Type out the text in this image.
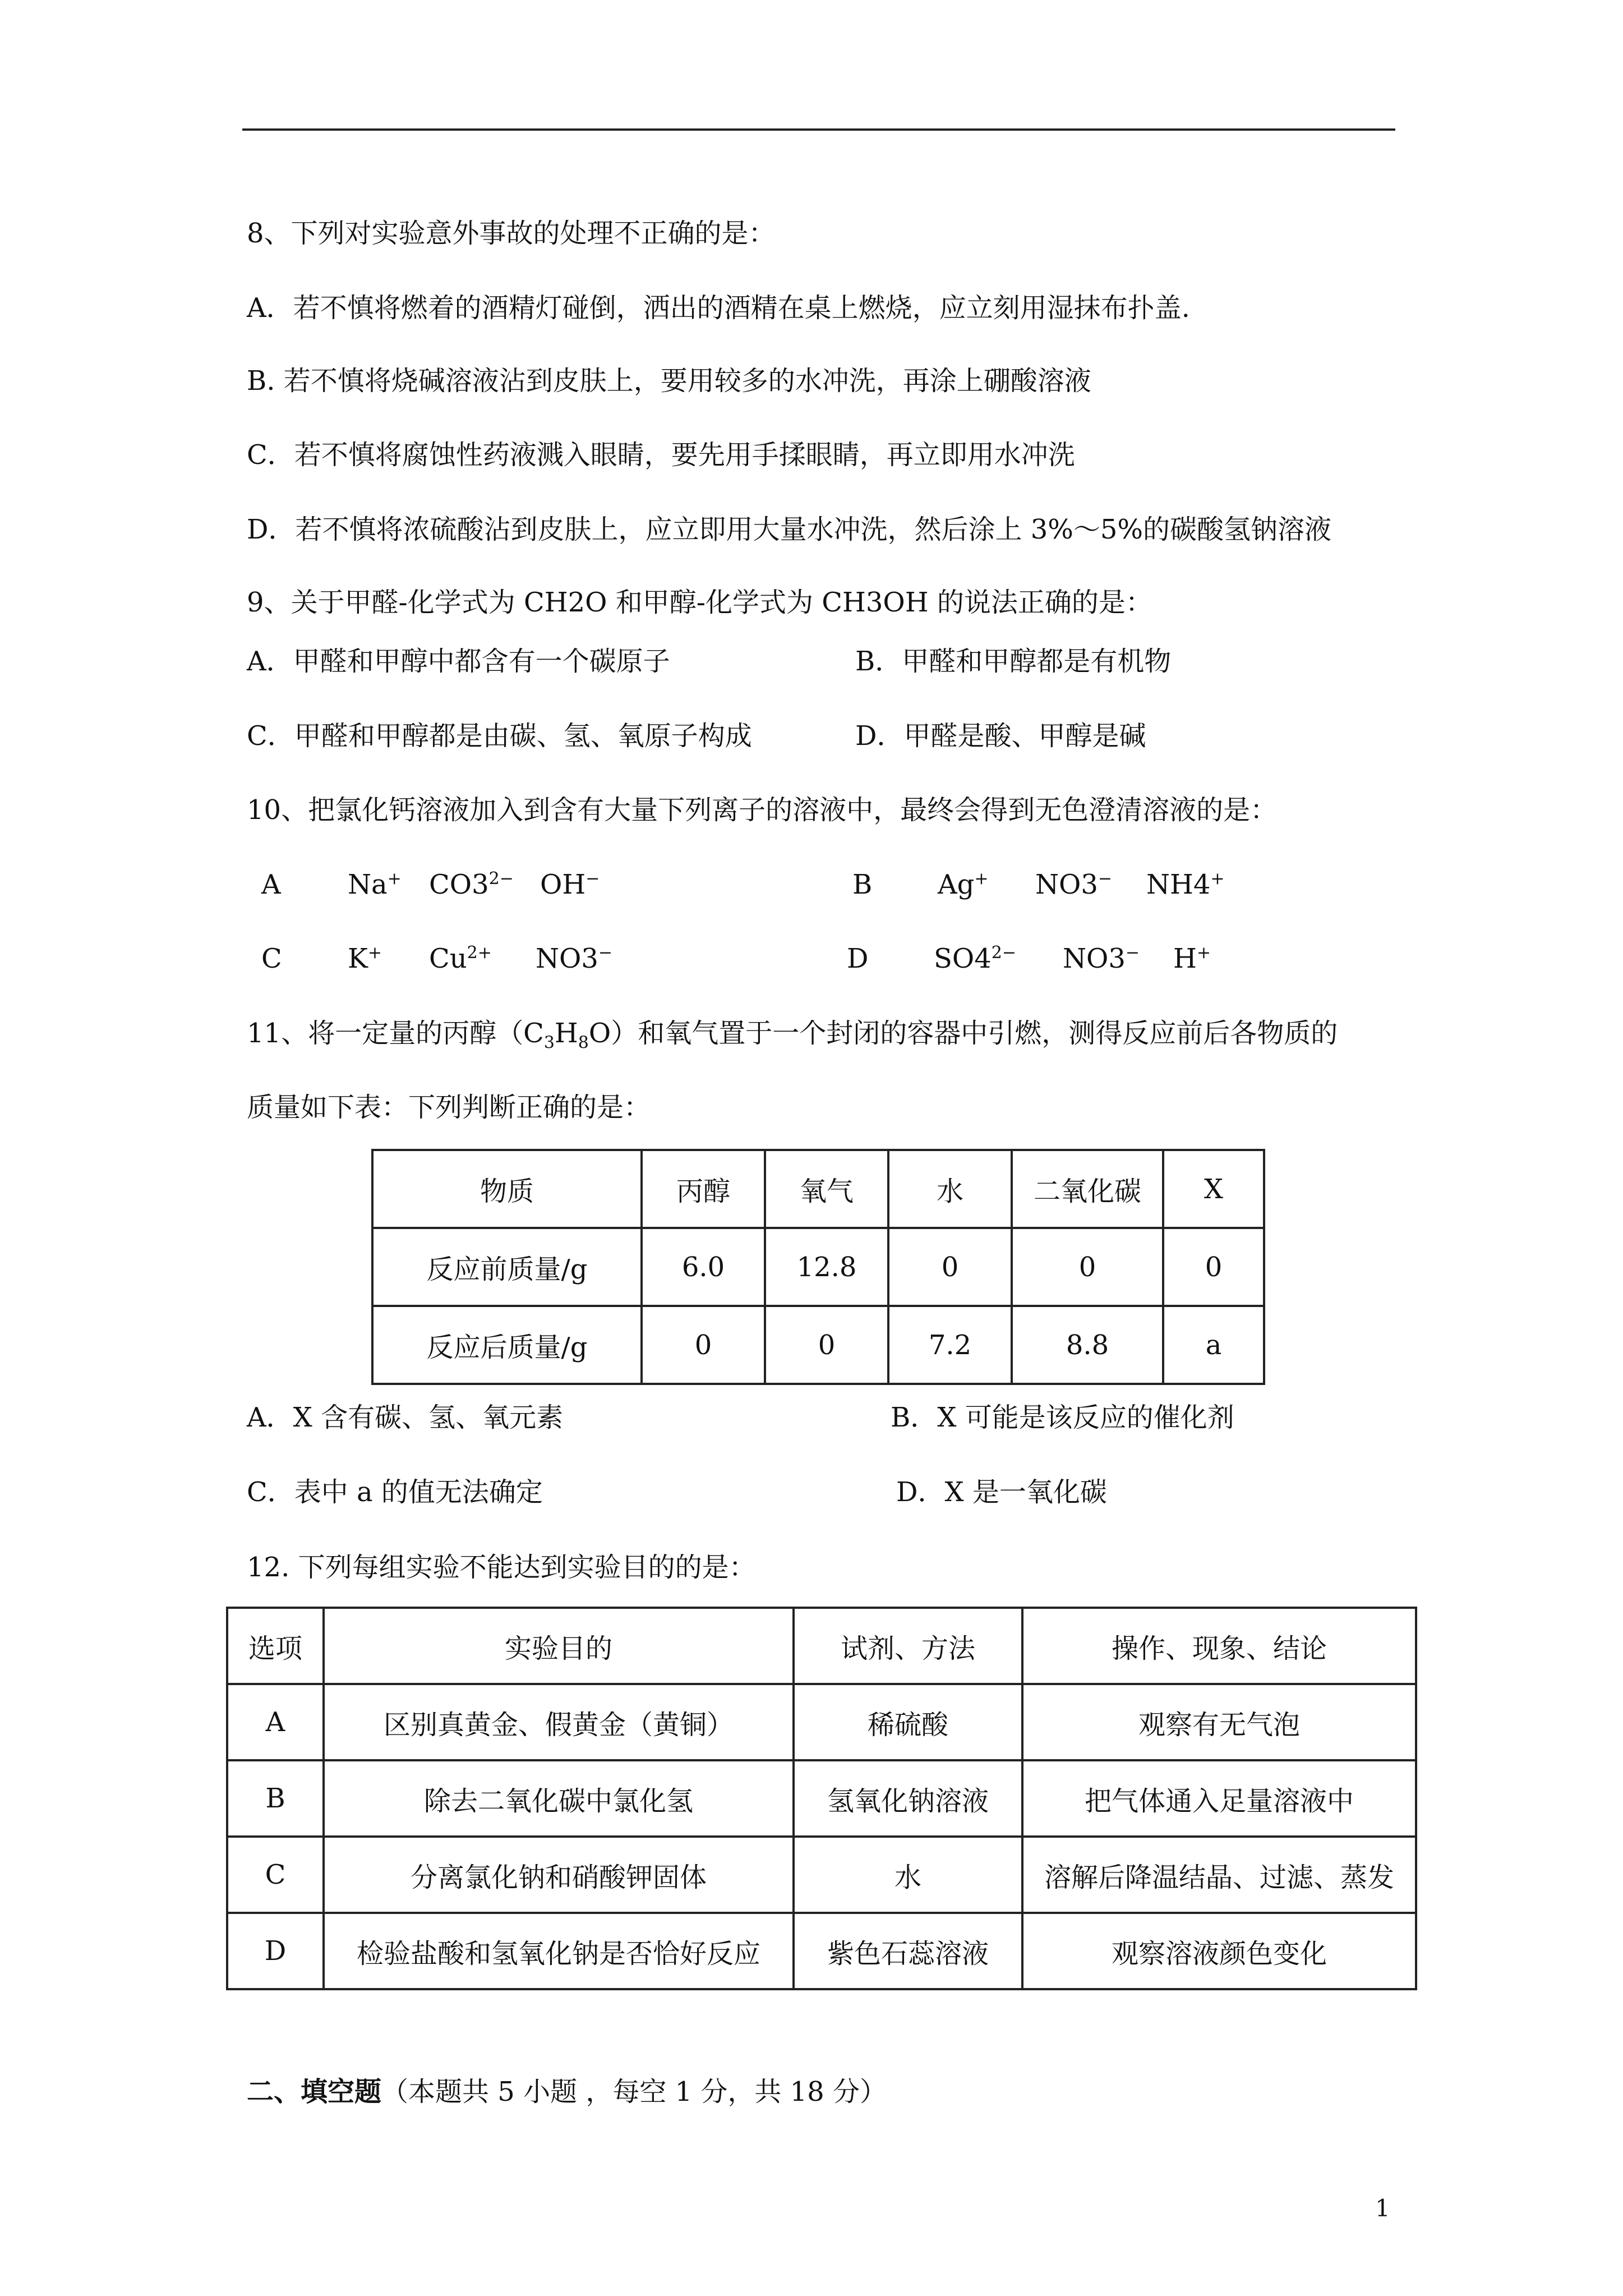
8、下列对实验意外事故的处理不正确的是：
A．若不慎将燃着的酒精灯碰倒，洒出的酒精在桌上燃烧，应立刻用湿抹布扑盖.
B. 若不慎将烧碱溶液沾到皮肤上，要用较多的水冲洗，再涂上硼酸溶液
C．若不慎将腐蚀性药液溅入眼睛，要先用手揉眼睛，再立即用水冲洗
D．若不慎将浓硫酸沾到皮肤上，应立即用大量水冲洗，然后涂上 3%～5%的碳酸氢钠溶液
9、关于甲醛-化学式为 CH2O 和甲醇-化学式为 CH3OH 的说法正确的是：
A．甲醛和甲醇中都含有一个碳原子	B．甲醛和甲醇都是有机物
C．甲醛和甲醇都是由碳、氢、氧原子构成	D．甲醛是酸、甲醇是碱
10、把氯化钙溶液加入到含有大量下列离子的溶液中，最终会得到无色澄清溶液的是：
A Na+ $CO3^{2-}$ OH−	B Ag+ NO3− NH4+
C K+ $Cu^{2+}$ NO3−	D $SO4^{2-}$ NO3− H+
11、将一定量的丙醇$(C_3H_8O)$和氧气置于一个封闭的容器中引燃，测得反应前后各物质的
质量如下表：下列判断正确的是：
物质	丙醇	氧气	水	二氧化碳	X
反应前质量/g	6.0	12.8	0	0	0
反应后质量/g	0	0	7.2	8.8	a
A．X 含有碳、氢、氧元素	B．X 可能是该反应的催化剂
C．表中 a 的值无法确定	D．X 是一氧化碳
12. 下列每组实验不能达到实验目的的是：
选项	实验目的	试剂、方法	操作、现象、结论
A	区别真黄金、假黄金（黄铜）	稀硫酸	观察有无气泡
B	除去二氧化碳中氯化氢	氢氧化钠溶液	把气体通入足量溶液中
C	分离氯化钠和硝酸钾固体	水	溶解后降温结晶、过滤、蒸发
D	检验盐酸和氢氧化钠是否恰好反应	紫色石蕊溶液	观察溶液颜色变化
二、填空题（本题共 5 小题 ，每空 1 分，共 18 分）
1
